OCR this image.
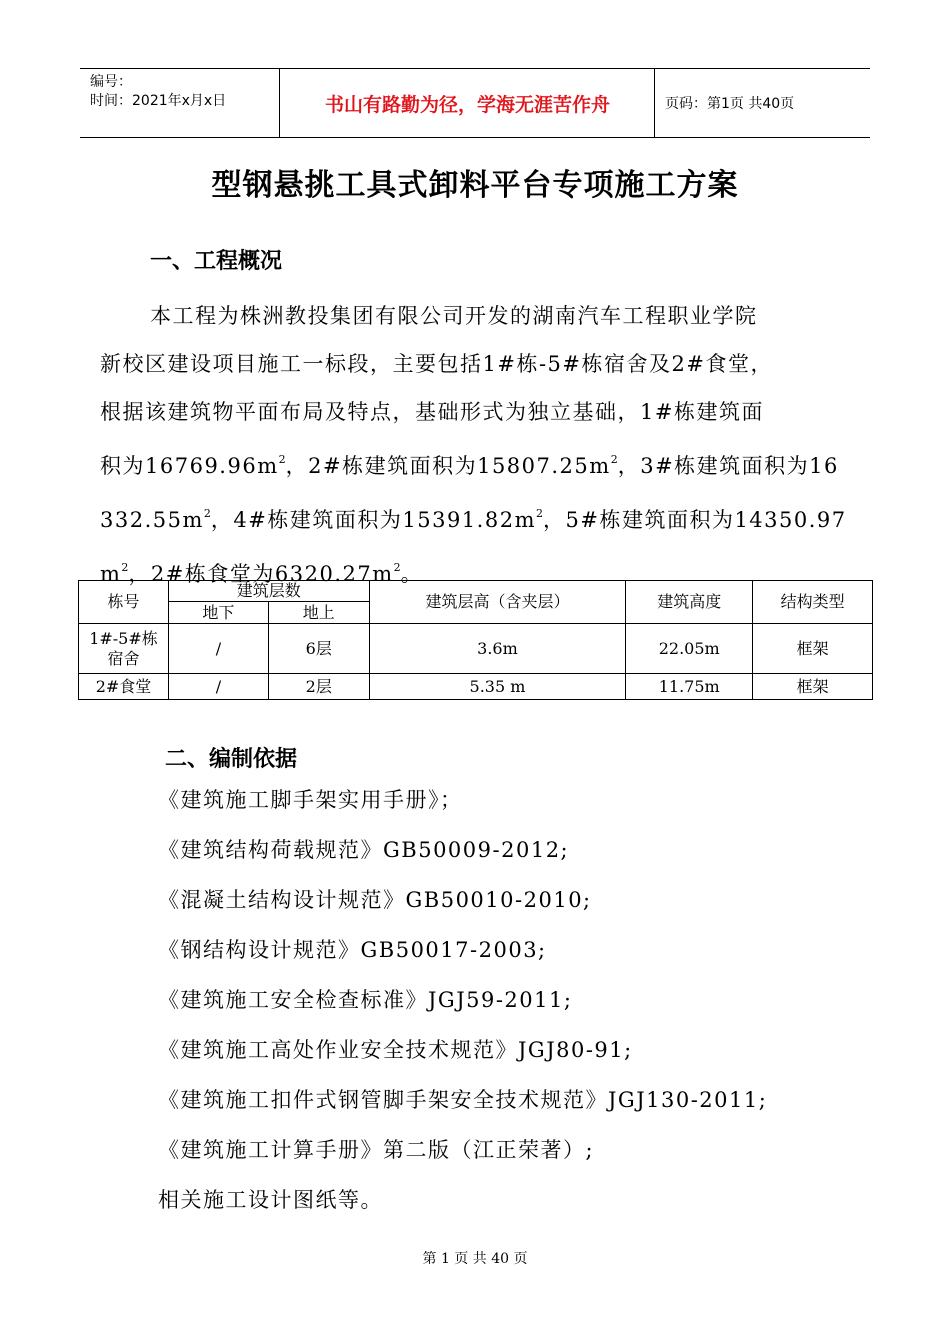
编号：
时间：2021年x月x日	书山有路勤为径，学海无涯苦作舟	页码：第1页 共40页
型钢悬挑工具式卸料平台专项施工方案
一、工程概况
本工程为株洲教投集团有限公司开发的湖南汽车工程职业学院
新校区建设项目施工一标段，主要包括1#栋-5#栋宿舍及2#食堂，
根据该建筑物平面布局及特点，基础形式为独立基础，1#栋建筑面
积为$16769.96m^2$，2#栋建筑面积为$15807.25m^2$，3#栋建筑面积为16
$332.55m^2$，4#栋建筑面积为$15391.82m^2$，5#栋建筑面积为14350.97
$m^2$，2#栋食堂为$6320.27m^2$。
栋号	建筑层数		建筑层高（含夹层）	建筑高度	结构类型
	地下	地上			
1#-5#栋宿舍	/	6层	3.6m	22.05m	框架
2#食堂	/	2层	5.35 m	11.75m	框架
二、编制依据
《建筑施工脚手架实用手册》；
《建筑结构荷载规范》GB50009-2012;
《混凝土结构设计规范》GB50010-2010;
《钢结构设计规范》GB50017-2003;
《建筑施工安全检查标准》JGJ59-2011;
《建筑施工高处作业安全技术规范》JGJ80-91;
《建筑施工扣件式钢管脚手架安全技术规范》JGJ130-2011;
《建筑施工计算手册》第二版（江正荣著）;
相关施工设计图纸等。
第 1 页 共 40 页
